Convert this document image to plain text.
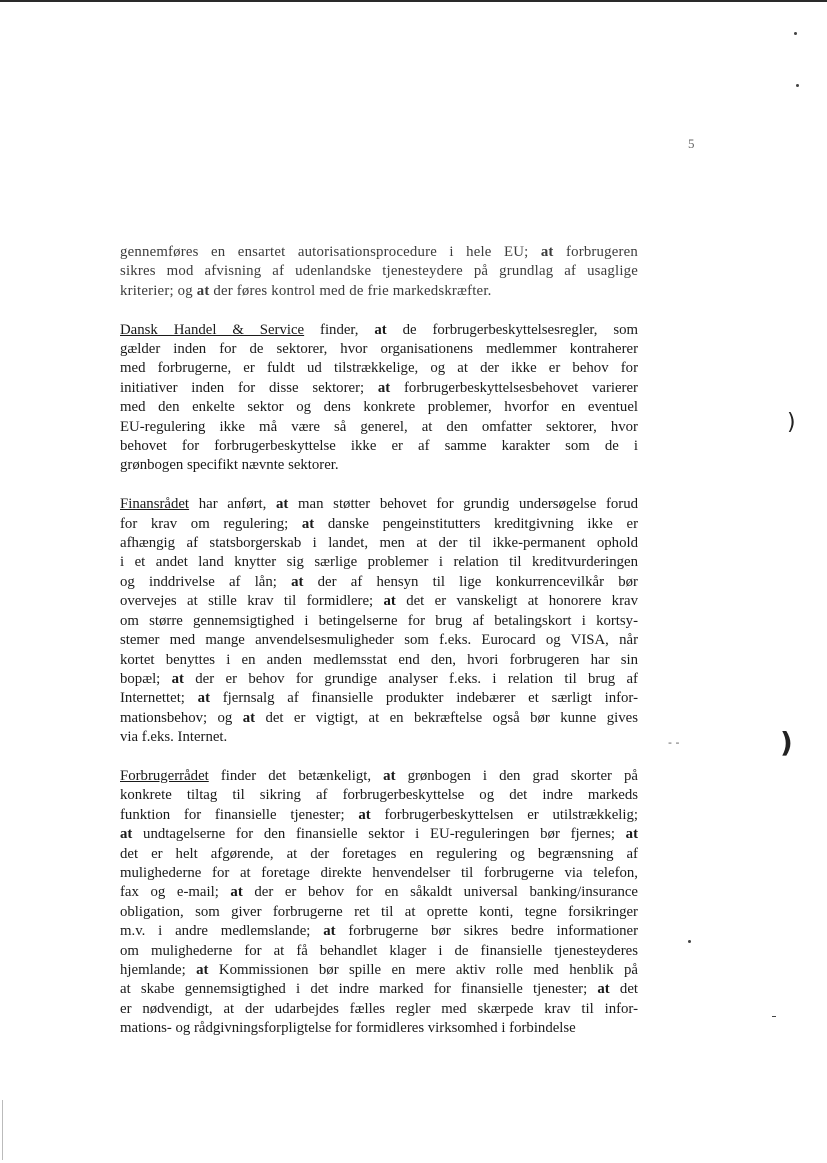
5
gennemføres en ensartet autorisationsprocedure i hele EU; at forbrugeren
sikres mod afvisning af udenlandske tjenesteydere på grundlag af usaglige
kriterier; og at der føres kontrol med de frie markedskræfter.
Dansk Handel & Service finder, at de forbrugerbeskyttelsesregler, som
gælder inden for de sektorer, hvor organisationens medlemmer kontraherer
med forbrugerne, er fuldt ud tilstrækkelige, og at der ikke er behov for
initiativer inden for disse sektorer; at forbrugerbeskyttelsesbehovet varierer
med den enkelte sektor og dens konkrete problemer, hvorfor en eventuel
EU-regulering ikke må være så generel, at den omfatter sektorer, hvor
behovet for forbrugerbeskyttelse ikke er af samme karakter som de i
grønbogen specifikt nævnte sektorer.
Finansrådet har anført, at man støtter behovet for grundig undersøgelse forud
for krav om regulering; at danske pengeinstitutters kreditgivning ikke er
afhængig af statsborgerskab i landet, men at der til ikke-permanent ophold
i et andet land knytter sig særlige problemer i relation til kreditvurderingen
og inddrivelse af lån; at der af hensyn til lige konkurrencevilkår bør
overvejes at stille krav til formidlere; at det er vanskeligt at honorere krav
om større gennemsigtighed i betingelserne for brug af betalingskort i kortsy-
stemer med mange anvendelsesmuligheder som f.eks. Eurocard og VISA, når
kortet benyttes i en anden medlemsstat end den, hvori forbrugeren har sin
bopæl; at der er behov for grundige analyser f.eks. i relation til brug af
Internettet; at fjernsalg af finansielle produkter indebærer et særligt infor-
mationsbehov; og at det er vigtigt, at en bekræftelse også bør kunne gives
via f.eks. Internet.
Forbrugerrådet finder det betænkeligt, at grønbogen i den grad skorter på
konkrete tiltag til sikring af forbrugerbeskyttelse og det indre markeds
funktion for finansielle tjenester; at forbrugerbeskyttelsen er utilstrækkelig;
at undtagelserne for den finansielle sektor i EU-reguleringen bør fjernes; at
det er helt afgørende, at der foretages en regulering og begrænsning af
mulighederne for at foretage direkte henvendelser til forbrugerne via telefon,
fax og e-mail; at der er behov for en såkaldt universal banking/insurance
obligation, som giver forbrugerne ret til at oprette konti, tegne forsikringer
m.v. i andre medlemslande; at forbrugerne bør sikres bedre informationer
om mulighederne for at få behandlet klager i de finansielle tjenesteyderes
hjemlande; at Kommissionen bør spille en mere aktiv rolle med henblik på
at skabe gennemsigtighed i det indre marked for finansielle tjenester; at det
er nødvendigt, at der udarbejdes fælles regler med skærpede krav til infor-
mations- og rådgivningsforpligtelse for formidleres virksomhed i forbindelse
)
)
- -
